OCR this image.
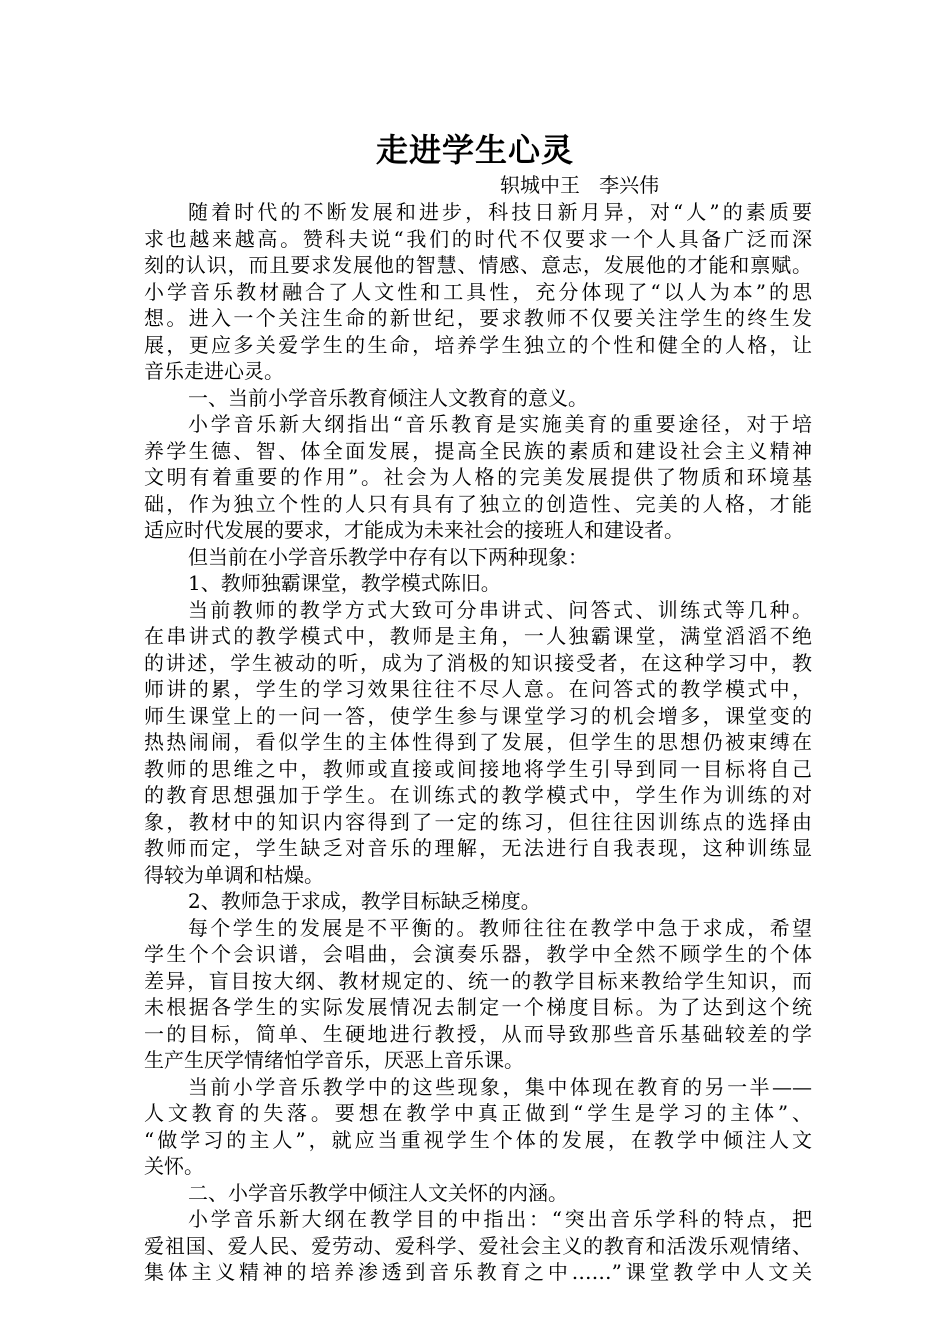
走进学生心灵
轵城中王   李兴伟
随着时代的不断发展和进步，科技日新月异，对“人”的素质要
求也越来越高。赞科夫说“我们的时代不仅要求一个人具备广泛而深
刻的认识，而且要求发展他的智慧、情感、意志，发展他的才能和禀赋。
小学音乐教材融合了人文性和工具性，充分体现了“以人为本”的思
想。进入一个关注生命的新世纪，要求教师不仅要关注学生的终生发
展，更应多关爱学生的生命，培养学生独立的个性和健全的人格，让
音乐走进心灵。
一、当前小学音乐教育倾注人文教育的意义。
小学音乐新大纲指出“音乐教育是实施美育的重要途径，对于培
养学生德、智、体全面发展，提高全民族的素质和建设社会主义精神
文明有着重要的作用”。社会为人格的完美发展提供了物质和环境基
础，作为独立个性的人只有具有了独立的创造性、完美的人格，才能
适应时代发展的要求，才能成为未来社会的接班人和建设者。
但当前在小学音乐教学中存有以下两种现象：
1、教师独霸课堂，教学模式陈旧。
当前教师的教学方式大致可分串讲式、问答式、训练式等几种。
在串讲式的教学模式中，教师是主角，一人独霸课堂，满堂滔滔不绝
的讲述，学生被动的听，成为了消极的知识接受者，在这种学习中，教
师讲的累，学生的学习效果往往不尽人意。在问答式的教学模式中，
师生课堂上的一问一答，使学生参与课堂学习的机会增多，课堂变的
热热闹闹，看似学生的主体性得到了发展，但学生的思想仍被束缚在
教师的思维之中，教师或直接或间接地将学生引导到同一目标将自己
的教育思想强加于学生。在训练式的教学模式中，学生作为训练的对
象，教材中的知识内容得到了一定的练习，但往往因训练点的选择由
教师而定，学生缺乏对音乐的理解，无法进行自我表现，这种训练显
得较为单调和枯燥。
2、教师急于求成，教学目标缺乏梯度。
每个学生的发展是不平衡的。教师往往在教学中急于求成，希望
学生个个会识谱，会唱曲，会演奏乐器，教学中全然不顾学生的个体
差异，盲目按大纲、教材规定的、统一的教学目标来教给学生知识，而
未根据各学生的实际发展情况去制定一个梯度目标。为了达到这个统
一的目标，简单、生硬地进行教授，从而导致那些音乐基础较差的学
生产生厌学情绪怕学音乐，厌恶上音乐课。
当前小学音乐教学中的这些现象，集中体现在教育的另一半——
人文教育的失落。要想在教学中真正做到“学生是学习的主体”、
“做学习的主人”，就应当重视学生个体的发展，在教学中倾注人文
关怀。
二、小学音乐教学中倾注人文关怀的内涵。
小学音乐新大纲在教学目的中指出：“突出音乐学科的特点，把
爱祖国、爱人民、爱劳动、爱科学、爱社会主义的教育和活泼乐观情绪、
集体主义精神的培养渗透到音乐教育之中……”课堂教学中人文关
